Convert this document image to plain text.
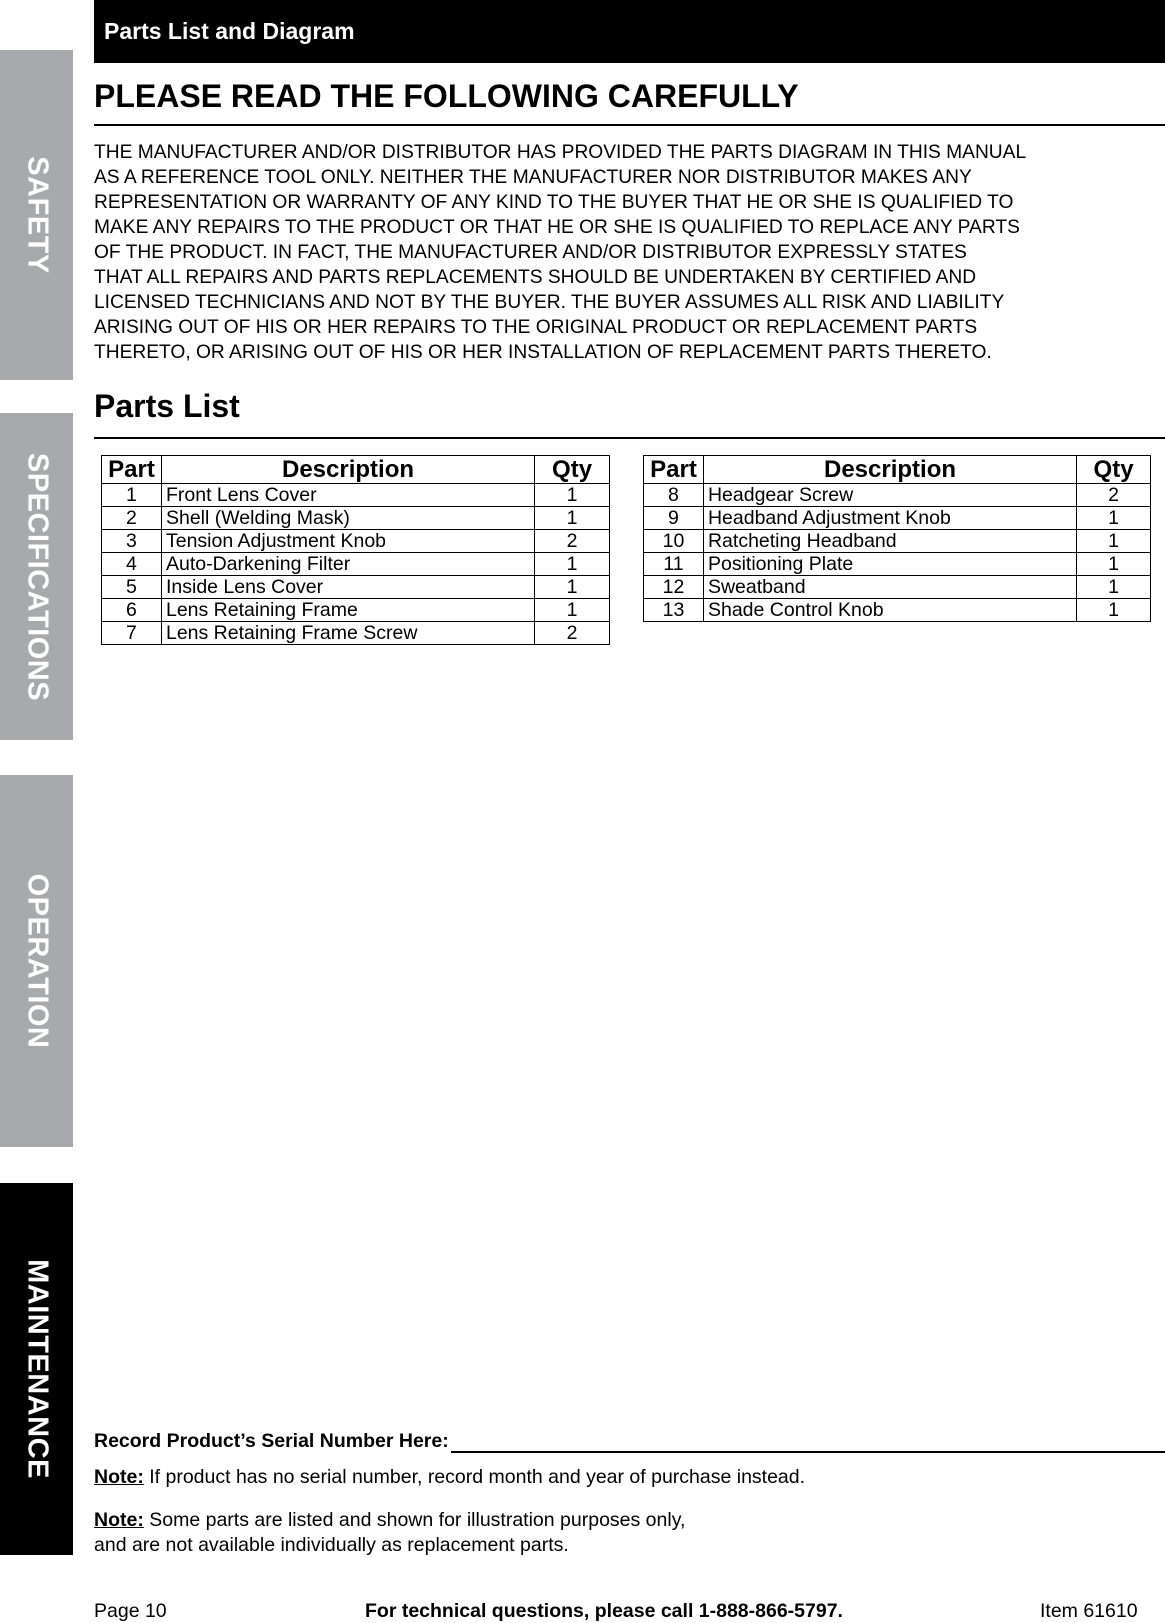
SAFETY
SPECIFICATIONS
OPERATION
MAINTENANCE
Parts List and Diagram
PLEASE READ THE FOLLOWING CAREFULLY
THE MANUFACTURER AND/OR DISTRIBUTOR HAS PROVIDED THE PARTS DIAGRAM IN THIS MANUAL
AS A REFERENCE TOOL ONLY. NEITHER THE MANUFACTURER NOR DISTRIBUTOR MAKES ANY
REPRESENTATION OR WARRANTY OF ANY KIND TO THE BUYER THAT HE OR SHE IS QUALIFIED TO
MAKE ANY REPAIRS TO THE PRODUCT OR THAT HE OR SHE IS QUALIFIED TO REPLACE ANY PARTS
OF THE PRODUCT. IN FACT, THE MANUFACTURER AND/OR DISTRIBUTOR EXPRESSLY STATES
THAT ALL REPAIRS AND PARTS REPLACEMENTS SHOULD BE UNDERTAKEN BY CERTIFIED AND
LICENSED TECHNICIANS AND NOT BY THE BUYER. THE BUYER ASSUMES ALL RISK AND LIABILITY
ARISING OUT OF HIS OR HER REPAIRS TO THE ORIGINAL PRODUCT OR REPLACEMENT PARTS
THERETO, OR ARISING OUT OF HIS OR HER INSTALLATION OF REPLACEMENT PARTS THERETO.
Parts List
Part	Description	Qty
1	Front Lens Cover	1
2	Shell (Welding Mask)	1
3	Tension Adjustment Knob	2
4	Auto-Darkening Filter	1
5	Inside Lens Cover	1
6	Lens Retaining Frame	1
7	Lens Retaining Frame Screw	2
Part	Description	Qty
8	Headgear Screw	2
9	Headband Adjustment Knob	1
10	Ratcheting Headband	1
11	Positioning Plate	1
12	Sweatband	1
13	Shade Control Knob	1
Record Product’s Serial Number Here:
Note: If product has no serial number, record month and year of purchase instead.
Note: Some parts are listed and shown for illustration purposes only,
and are not available individually as replacement parts.
Page 10	For technical questions, please call 1-888-866-5797.	Item 61610
